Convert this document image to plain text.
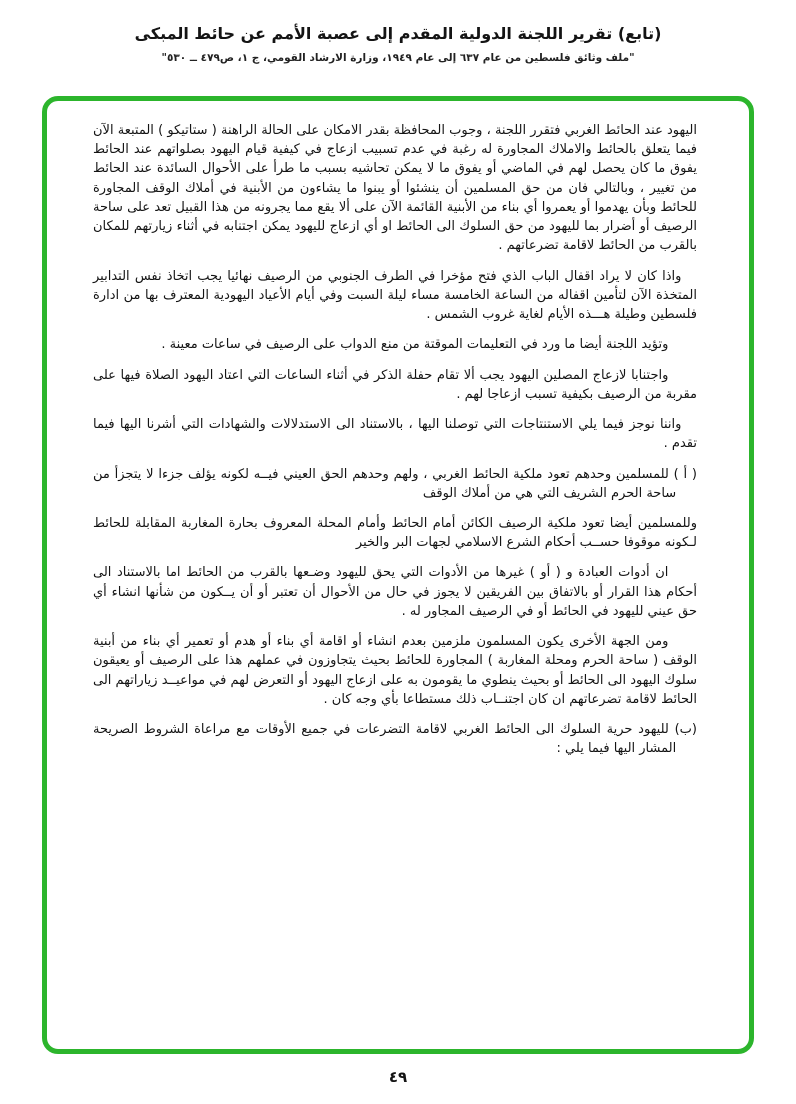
(تابع) تقرير اللجنة الدولية المقدم إلى عصبة الأمم عن حائط المبكى
"ملف وثائق فلسطين من عام ٦٣٧ إلى عام ١٩٤٩، وزارة الارشاد القومي، ج ١، ص٤٧٩ ــ ٥٣٠"

اليهود عند الحائط الغربي فتقرر اللجنة ، وجوب المحافظة بقدر الامكان على الحالة الراهنة ( ستاتيكو ) المتبعة الآن فيما يتعلق بالحائط والاملاك المجاورة له رغبة في عدم تسبيب ازعاج في كيفية قيام اليهود بصلواتهم عند الحائط يفوق ما كان يحصل لهم في الماضي أو يفوق ما لا يمكن تحاشيه بسبب ما طرأ على الأحوال السائدة عند الحائط من تغيير ، وبالتالي فان من حق المسلمين أن ينشئوا أو يبنوا ما يشاءون من الأبنية في أملاك الوقف المجاورة للحائط وبأن يهدموا أو يعمروا أي بناء من الأبنية القائمة الآن على ألا يقع مما يجرونه من هذا القبيل تعد على ساحة الرصيف أو أضرار بما لليهود من حق السلوك الى الحائط او أي ازعاج لليهود يمكن اجتنابه في أثناء زيارتهم للمكان بالقرب من الحائط لاقامة تضرعاتهم .

واذا كان لا يراد اقفال الباب الذي فتح مؤخرا في الطرف الجنوبي من الرصيف نهائيا يجب اتخاذ نفس التدابير المتخذة الآن لتأمين اقفاله من الساعة الخامسة مساء ليلة السبت وفي أيام الأعياد اليهودية المعترف بها من ادارة فلسطين وطيلة هـــذه الأيام لغاية غروب الشمس .

وتؤيد اللجنة أيضا ما ورد في التعليمات الموقتة من منع الدواب على الرصيف في ساعات معينة .

واجتنابا لازعاج المصلين اليهود يجب ألا تقام حفلة الذكر في أثناء الساعات التي اعتاد اليهود الصلاة فيها على مقربة من الرصيف بكيفية تسبب ازعاجا لهم .

واننا نوجز فيما يلي الاستنتاجات التي توصلنا اليها ، بالاستناد الى الاستدلالات والشهادات التي أشرنا اليها فيما تقدم .

( أ ) للمسلمين وحدهم تعود ملكية الحائط الغربي ، ولهم وحدهم الحق العيني فيــه لكونه يؤلف جزءا لا يتجزأ من ساحة الحرم الشريف التي هي من أملاك الوقف

وللمسلمين أيضا تعود ملكية الرصيف الكائن أمام الحائط وأمام المحلة المعروف بحارة المغاربة المقابلة للحائط لـكونه موقوفا حســب أحكام الشرع الاسلامي لجهات البر والخير

ان أدوات العبادة و ( أو ) غيرها من الأدوات التي يحق لليهود وضـعها بالقرب من الحائط اما بالاستناد الى أحكام هذا القرار أو بالاتفاق بين الفريقين لا يجوز في حال من الأحوال أن تعتبر أو أن يــكون من شأنها انشاء أي حق عيني لليهود في الحائط أو في الرصيف المجاور له .

ومن الجهة الأخرى يكون المسلمون ملزمين بعدم انشاء أو اقامة أي بناء أو هدم أو تعمير أي بناء من أبنية الوقف ( ساحة الحرم ومحلة المغاربة ) المجاورة للحائط بحيث يتجاوزون في عملهم هذا على الرصيف أو يعيقون سلوك اليهود الى الحائط أو بحيث ينطوي ما يقومون به على ازعاج اليهود أو التعرض لهم في مواعيــد زياراتهم الى الحائط لاقامة تضرعاتهم ان كان اجتنــاب ذلك مستطاعا بأي وجه كان .

(ب) لليهود حرية السلوك الى الحائط الغربي لاقامة التضرعات في جميع الأوقات مع مراعاة الشروط الصريحة المشار اليها فيما يلي :

٤٩
